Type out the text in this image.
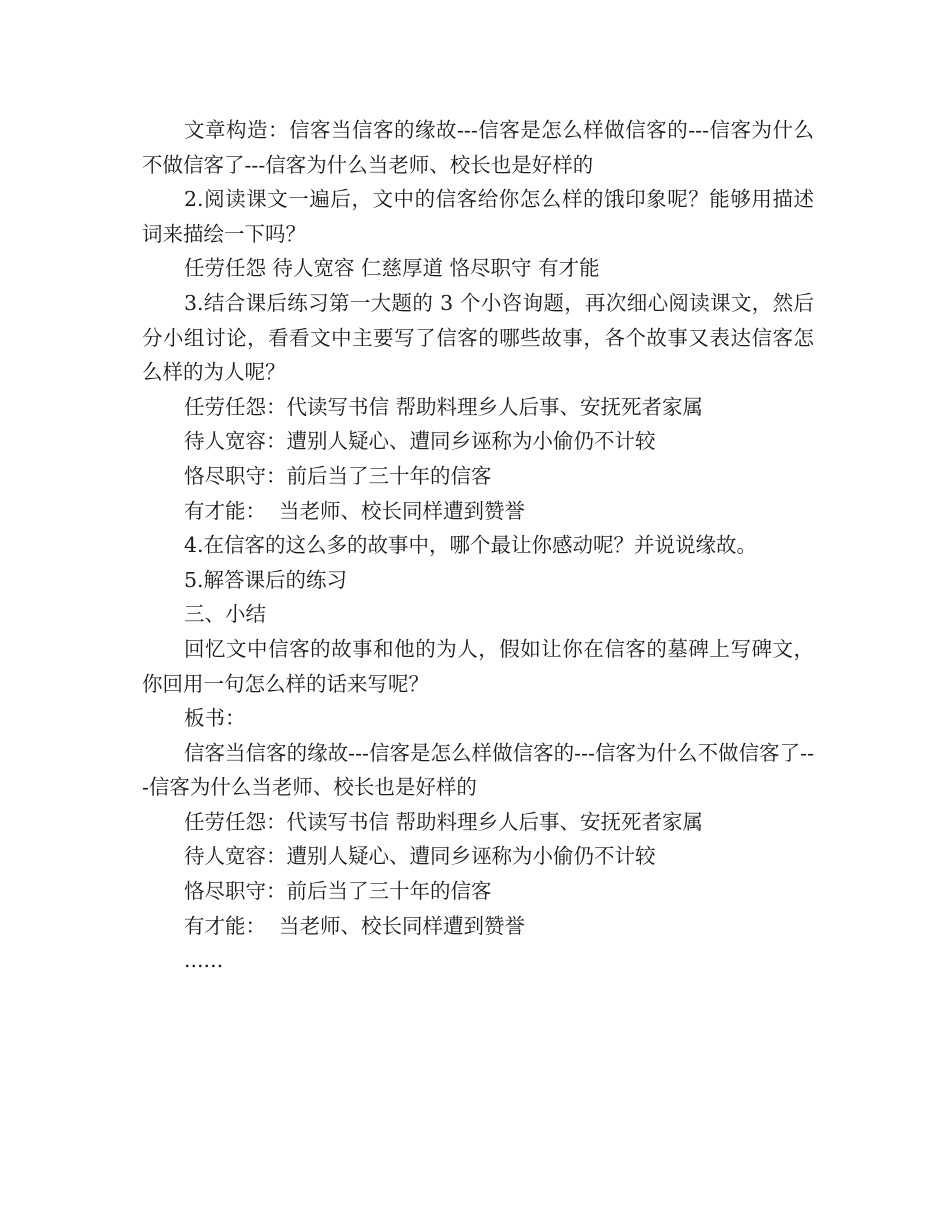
文章构造：信客当信客的缘故---信客是怎么样做信客的---信客为什么不做信客了---信客为什么当老师、校长也是好样的

2.阅读课文一遍后，文中的信客给你怎么样的饿印象呢？能够用描述词来描绘一下吗？

任劳任怨 待人宽容 仁慈厚道 恪尽职守 有才能

3.结合课后练习第一大题的 3 个小咨询题，再次细心阅读课文，然后分小组讨论，看看文中主要写了信客的哪些故事，各个故事又表达信客怎么样的为人呢？

任劳任怨：代读写书信 帮助料理乡人后事、安抚死者家属

待人宽容：遭别人疑心、遭同乡诬称为小偷仍不计较

恪尽职守：前后当了三十年的信客

有才能：  当老师、校长同样遭到赞誉

4.在信客的这么多的故事中，哪个最让你感动呢？并说说缘故。

5.解答课后的练习

三、小结

回忆文中信客的故事和他的为人，假如让你在信客的墓碑上写碑文，你回用一句怎么样的话来写呢？

板书：

信客当信客的缘故---信客是怎么样做信客的---信客为什么不做信客了---信客为什么当老师、校长也是好样的

任劳任怨：代读写书信 帮助料理乡人后事、安抚死者家属

待人宽容：遭别人疑心、遭同乡诬称为小偷仍不计较

恪尽职守：前后当了三十年的信客

有才能：  当老师、校长同样遭到赞誉

......
